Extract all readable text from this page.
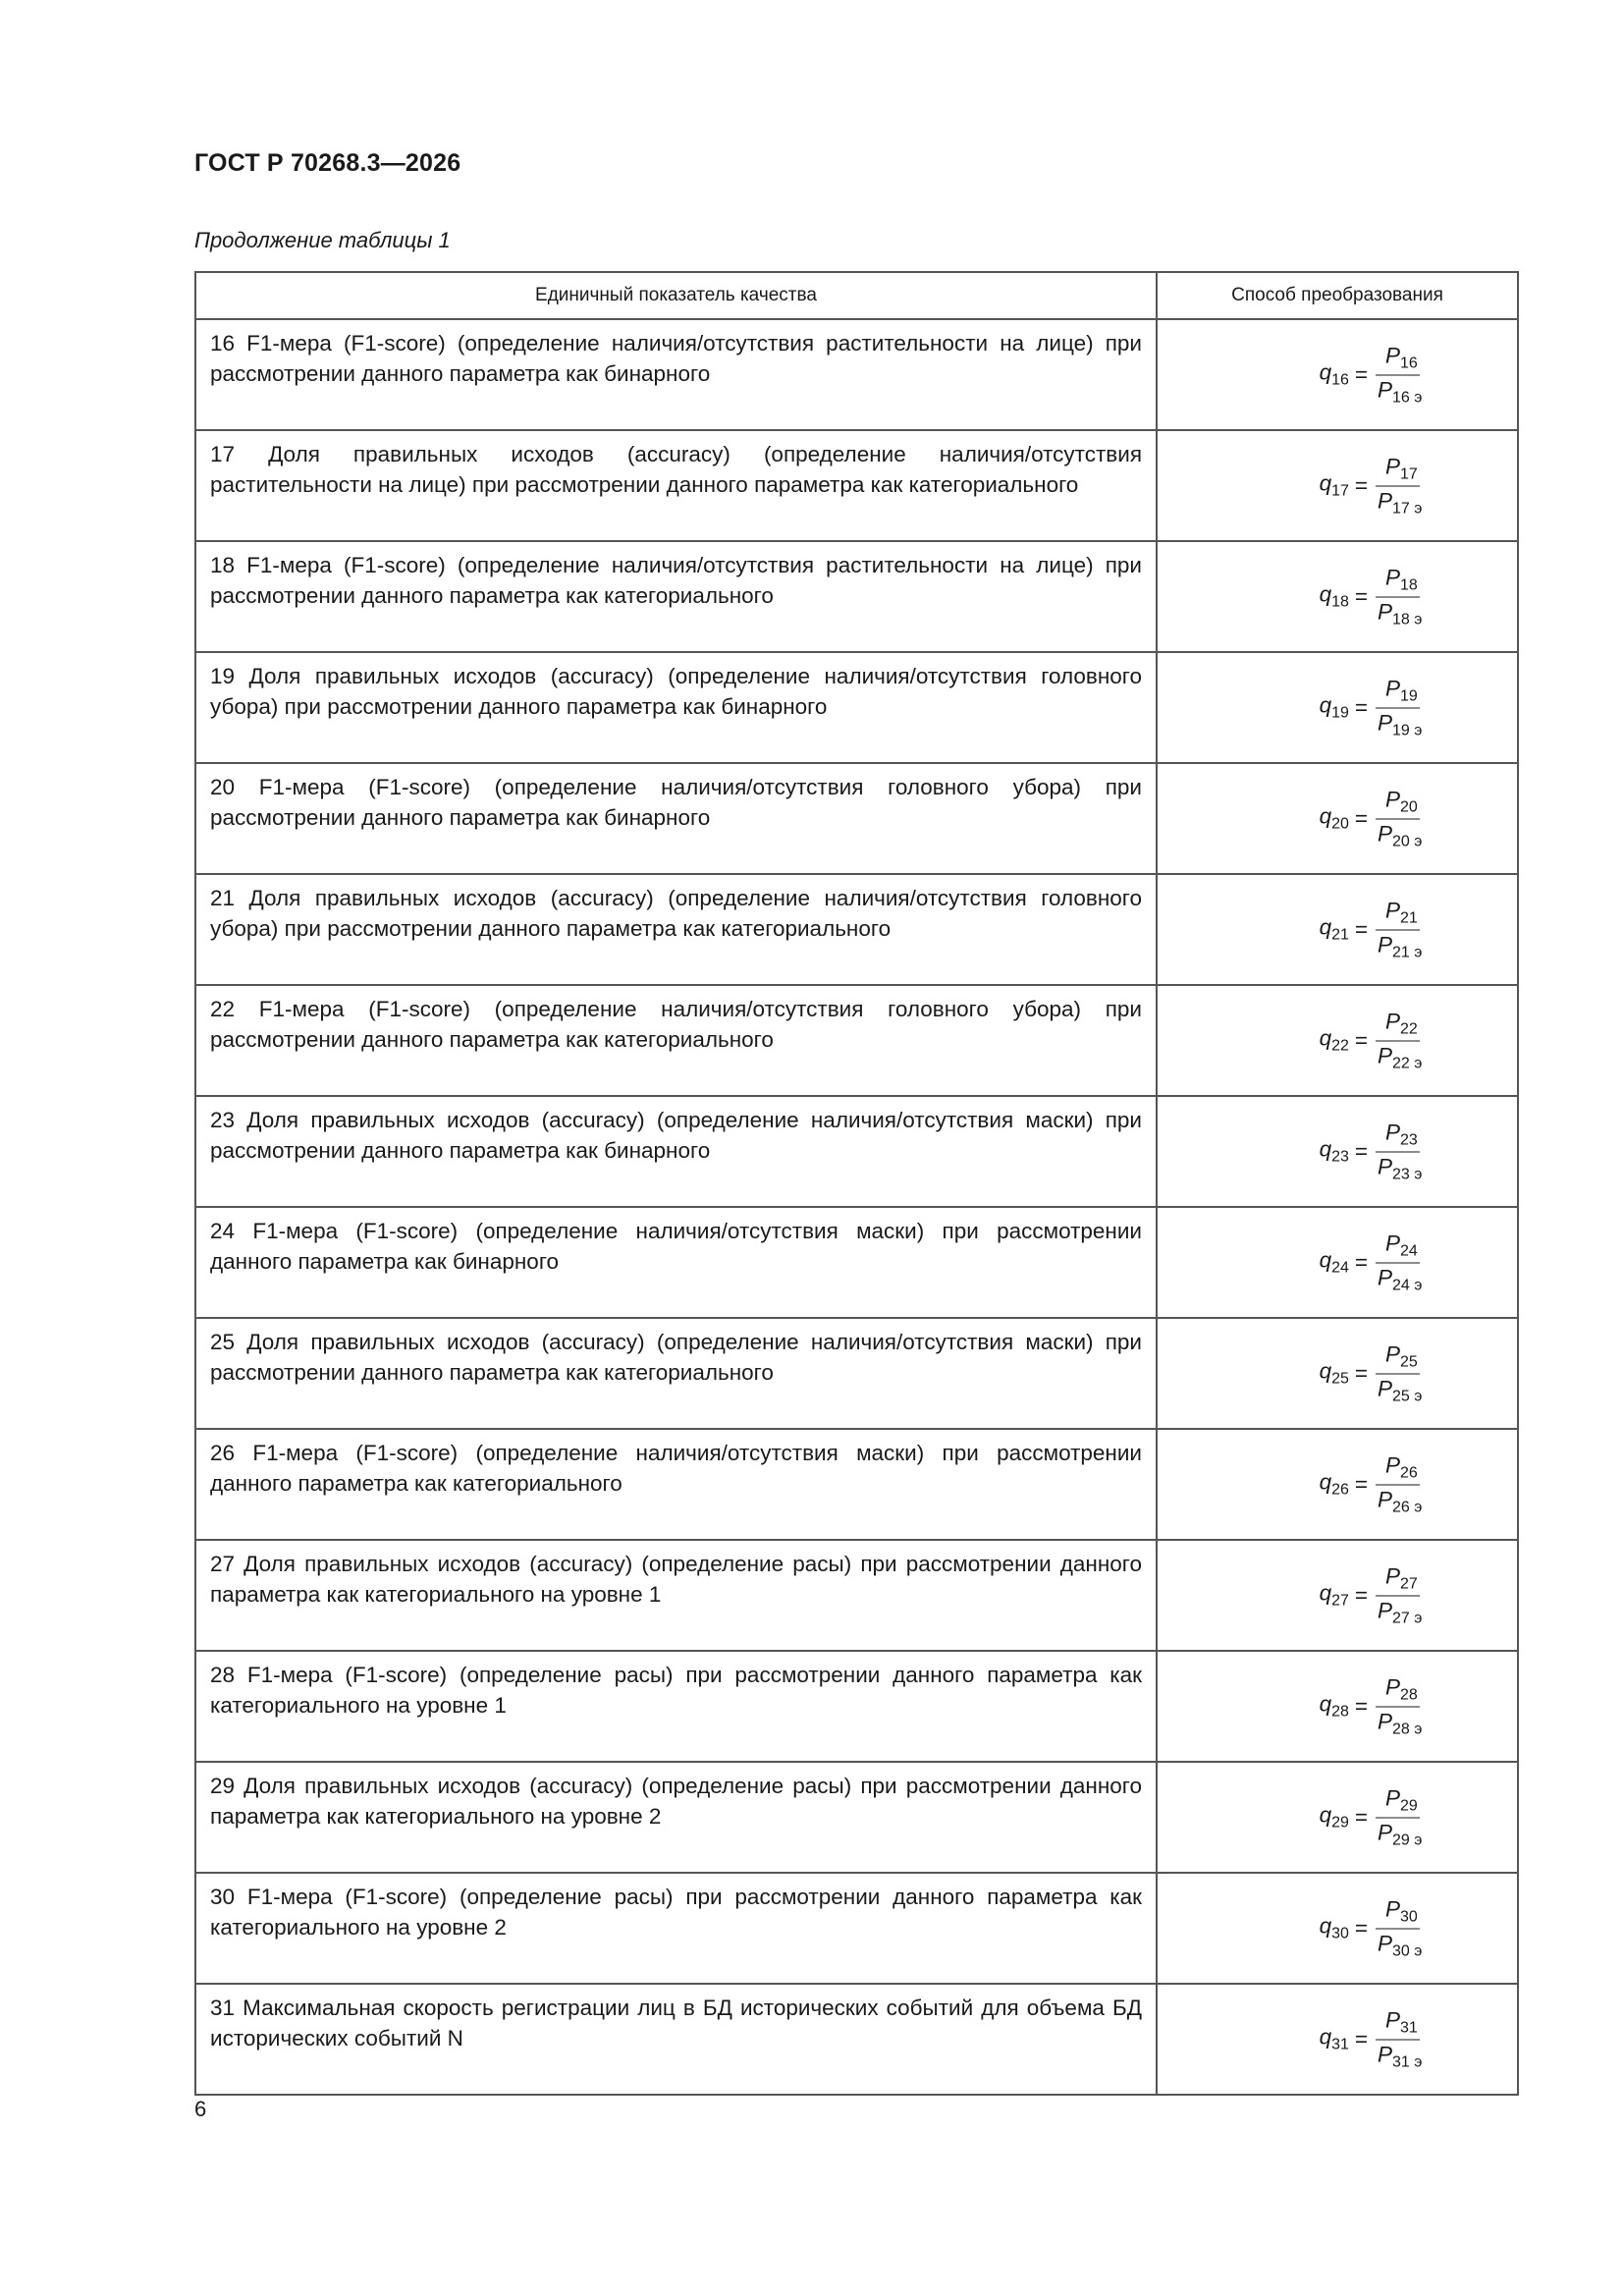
ГОСТ Р 70268.3—2026
Продолжение таблицы 1
Единичный показатель качества	Способ преобразования
16 F1-мера (F1-score) (определение наличия/отсутствия растительности на лице) при рассмотрении данного параметра как бинарного	$q_{16} = \frac{P_{16}}{P_{16 э}}$

17 Доля правильных исходов (accuracy) (определение наличия/отсутствия растительности на лице) при рассмотрении данного параметра как категориального	$q_{17} = \frac{P_{17}}{P_{17 э}}$

18 F1-мера (F1-score) (определение наличия/отсутствия растительности на лице) при рассмотрении данного параметра как категориального	$q_{18} = \frac{P_{18}}{P_{18 э}}$

19 Доля правильных исходов (accuracy) (определение наличия/отсутствия головного убора) при рассмотрении данного параметра как бинарного	$q_{19} = \frac{P_{19}}{P_{19 э}}$

20 F1-мера (F1-score) (определение наличия/отсутствия головного убора) при рассмотрении данного параметра как бинарного	$q_{20} = \frac{P_{20}}{P_{20 э}}$

21 Доля правильных исходов (accuracy) (определение наличия/отсутствия головного убора) при рассмотрении данного параметра как категориального	$q_{21} = \frac{P_{21}}{P_{21 э}}$

22 F1-мера (F1-score) (определение наличия/отсутствия головного убора) при рассмотрении данного параметра как категориального	$q_{22} = \frac{P_{22}}{P_{22 э}}$

23 Доля правильных исходов (accuracy) (определение наличия/отсутствия маски) при рассмотрении данного параметра как бинарного	$q_{23} = \frac{P_{23}}{P_{23 э}}$

24 F1-мера (F1-score) (определение наличия/отсутствия маски) при рассмотрении данного параметра как бинарного	$q_{24} = \frac{P_{24}}{P_{24 э}}$

25 Доля правильных исходов (accuracy) (определение наличия/отсутствия маски) при рассмотрении данного параметра как категориального	$q_{25} = \frac{P_{25}}{P_{25 э}}$

26 F1-мера (F1-score) (определение наличия/отсутствия маски) при рассмотрении данного параметра как категориального	$q_{26} = \frac{P_{26}}{P_{26 э}}$

27 Доля правильных исходов (accuracy) (определение расы) при рассмотрении данного параметра как категориального на уровне 1	$q_{27} = \frac{P_{27}}{P_{27 э}}$

28 F1-мера (F1-score) (определение расы) при рассмотрении данного параметра как категориального на уровне 1	$q_{28} = \frac{P_{28}}{P_{28 э}}$

29 Доля правильных исходов (accuracy) (определение расы) при рассмотрении данного параметра как категориального на уровне 2	$q_{29} = \frac{P_{29}}{P_{29 э}}$

30 F1-мера (F1-score) (определение расы) при рассмотрении данного параметра как категориального на уровне 2	$q_{30} = \frac{P_{30}}{P_{30 э}}$

31 Максимальная скорость регистрации лиц в БД исторических событий для объема БД исторических событий N	$q_{31} = \frac{P_{31}}{P_{31 э}}$
6
